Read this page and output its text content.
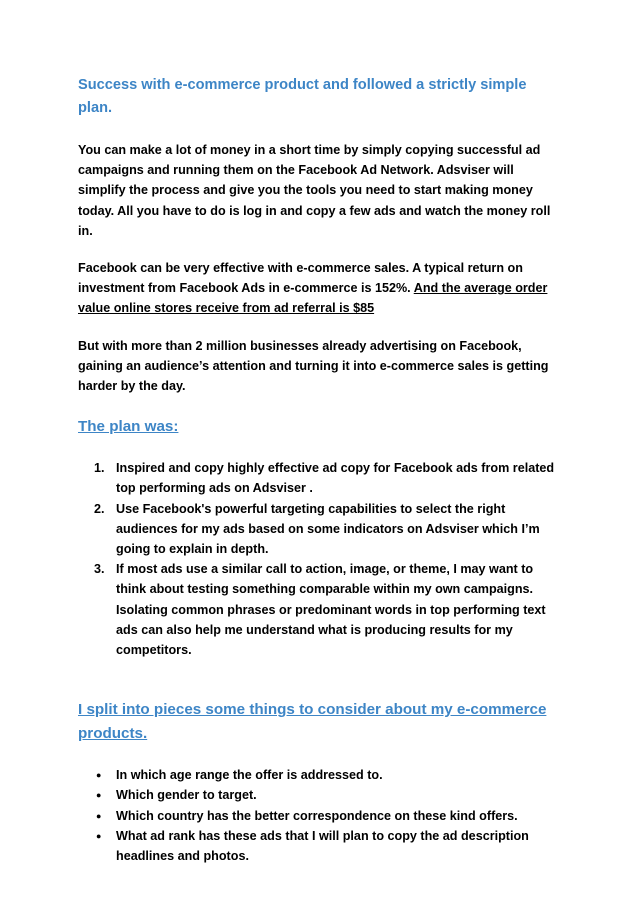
Success with e-commerce product and followed a strictly simple plan.

You can make a lot of money in a short time by simply copying successful ad campaigns and running them on the Facebook Ad Network. Adsviser will simplify the process and give you the tools you need to start making money today. All you have to do is log in and copy a few ads and watch the money roll in.

Facebook can be very effective with e-commerce sales. A typical return on investment from Facebook Ads in e-commerce is 152%. And the average order value online stores receive from ad referral is $85

But with more than 2 million businesses already advertising on Facebook, gaining an audience’s attention and turning it into e-commerce sales is getting harder by the day.

The plan was:
1. Inspired and copy highly effective ad copy for Facebook ads from related top performing ads on Adsviser .
2. Use Facebook's powerful targeting capabilities to select the right audiences for my ads based on some indicators on Adsviser which I’m going to explain in depth.
3. If most ads use a similar call to action, image, or theme, I may want to think about testing something comparable within my own campaigns. Isolating common phrases or predominant words in top performing text ads can also help me understand what is producing results for my competitors.
I split into pieces some things to consider about my e-commerce products.
● In which age range the offer is addressed to.
● Which gender to target.
● Which country has the better correspondence on these kind offers.
● What ad rank has these ads that I will plan to copy the ad description headlines and photos.
